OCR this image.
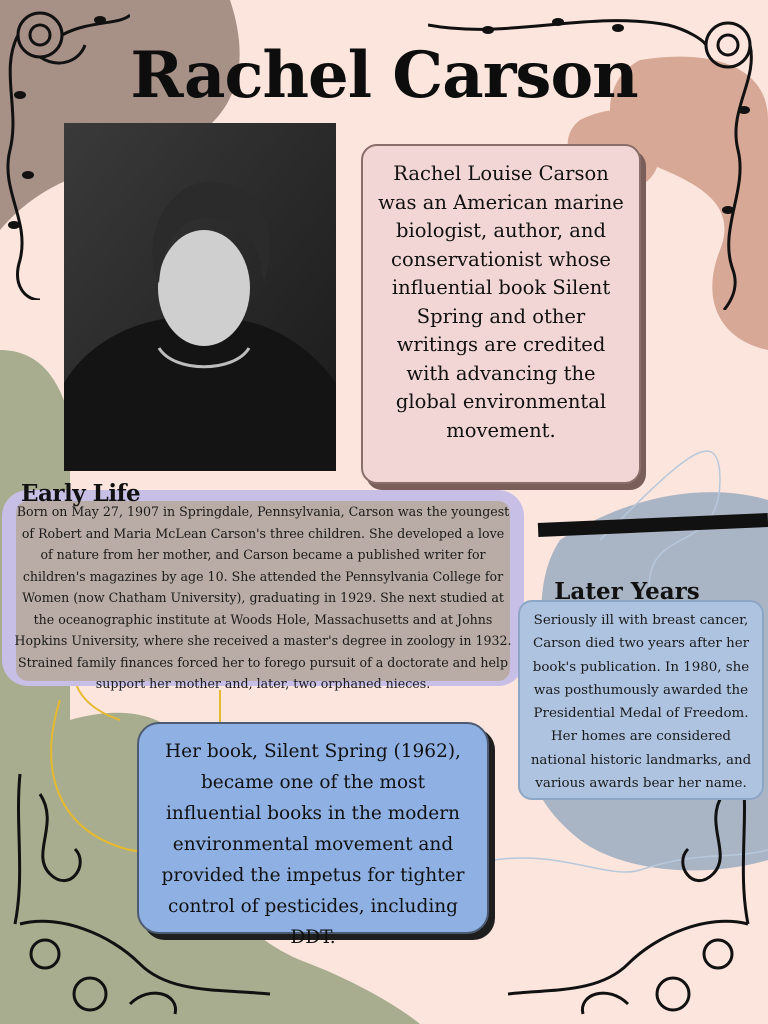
Rachel Carson
Rachel Louise Carson was an American marine biologist, author, and conservationist whose influential book Silent Spring and other writings are credited with advancing the global environmental movement.
Early Life
Born on May 27, 1907 in Springdale, Pennsylvania, Carson was the youngest of Robert and Maria McLean Carson's three children. She developed a love of nature from her mother, and Carson became a published writer for children's magazines by age 10. She attended the Pennsylvania College for Women (now Chatham University), graduating in 1929. She next studied at the oceanographic institute at Woods Hole, Massachusetts and at Johns Hopkins University, where she received a master's degree in zoology in 1932. Strained family finances forced her to forego pursuit of a doctorate and help support her mother and, later, two orphaned nieces.
Seriously ill with breast cancer, Carson died two years after her book's publication. In 1980, she was posthumously awarded the Presidential Medal of Freedom. Her homes are considered national historic landmarks, and various awards bear her name.
Later Years
Her book, Silent Spring (1962), became one of the most influential books in the modern environmental movement and provided the impetus for tighter control of pesticides, including DDT.
